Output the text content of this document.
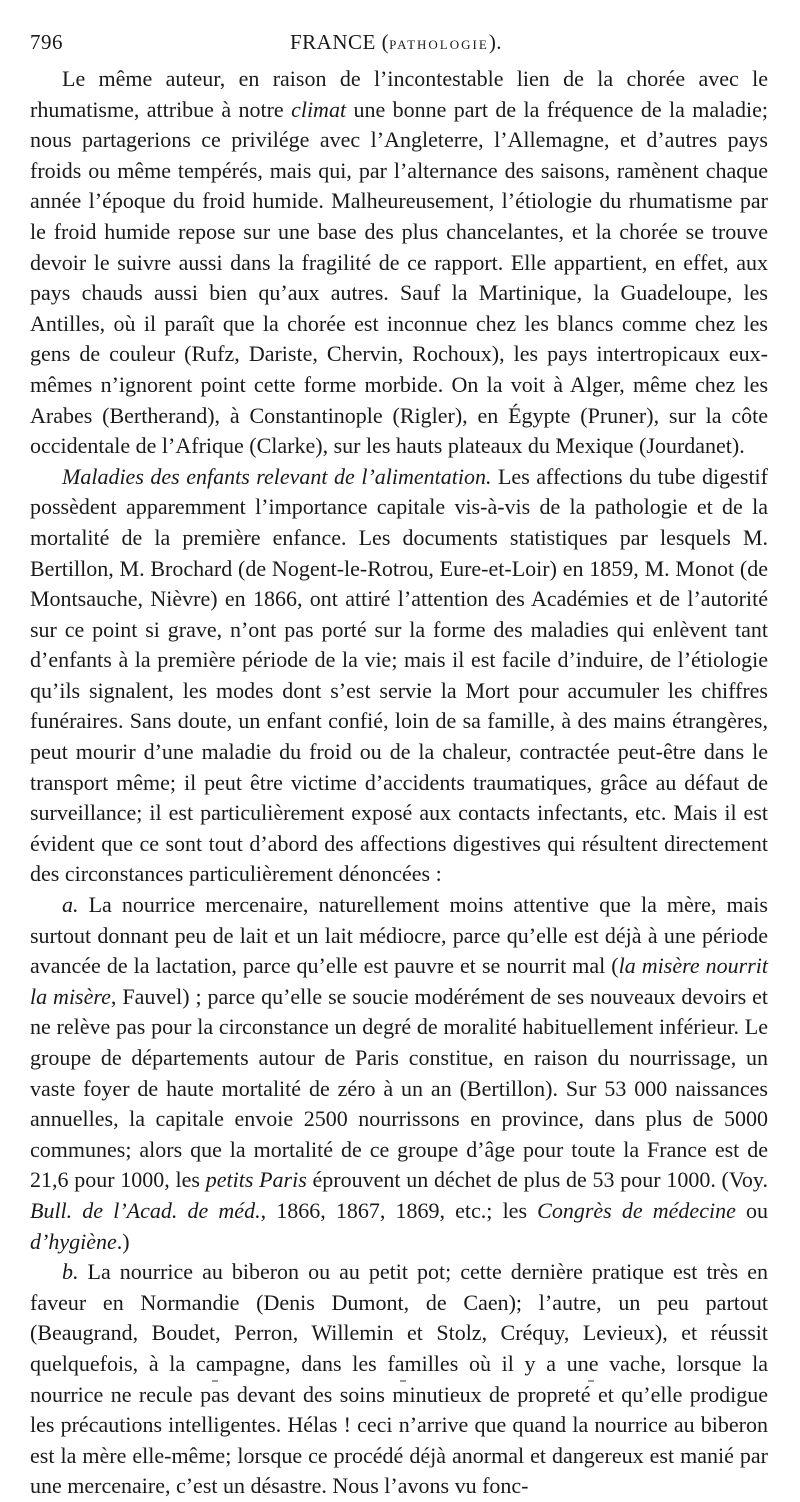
796	FRANCE (PATHOLOGIE).

Le même auteur, en raison de l’incontestable lien de la chorée avec le rhumatisme, attribue à notre climat une bonne part de la fréquence de la maladie; nous partagerions ce privilége avec l’Angleterre, l’Allemagne, et d’autres pays froids ou même tempérés, mais qui, par l’alternance des saisons, ramènent chaque année l’époque du froid humide. Malheureusement, l’étiologie du rhumatisme par le froid humide repose sur une base des plus chancelantes, et la chorée se trouve devoir le suivre aussi dans la fragilité de ce rapport. Elle appartient, en effet, aux pays chauds aussi bien qu’aux autres. Sauf la Martinique, la Guadeloupe, les Antilles, où il paraît que la chorée est inconnue chez les blancs comme chez les gens de couleur (Rufz, Dariste, Chervin, Rochoux), les pays intertropicaux eux-mêmes n’ignorent point cette forme morbide. On la voit à Alger, même chez les Arabes (Bertherand), à Constantinople (Rigler), en Égypte (Pruner), sur la côte occidentale de l’Afrique (Clarke), sur les hauts plateaux du Mexique (Jourdanet).

Maladies des enfants relevant de l’alimentation. Les affections du tube digestif possèdent apparemment l’importance capitale vis-à-vis de la pathologie et de la mortalité de la première enfance. Les documents statistiques par lesquels M. Bertillon, M. Brochard (de Nogent-le-Rotrou, Eure-et-Loir) en 1859, M. Monot (de Montsauche, Nièvre) en 1866, ont attiré l’attention des Académies et de l’autorité sur ce point si grave, n’ont pas porté sur la forme des maladies qui enlèvent tant d’enfants à la première période de la vie; mais il est facile d’induire, de l’étiologie qu’ils signalent, les modes dont s’est servie la Mort pour accumuler les chiffres funéraires. Sans doute, un enfant confié, loin de sa famille, à des mains étrangères, peut mourir d’une maladie du froid ou de la chaleur, contractée peut-être dans le transport même; il peut être victime d’accidents traumatiques, grâce au défaut de surveillance; il est particulièrement exposé aux contacts infectants, etc. Mais il est évident que ce sont tout d’abord des affections digestives qui résultent directement des circonstances particulièrement dénoncées :

a. La nourrice mercenaire, naturellement moins attentive que la mère, mais surtout donnant peu de lait et un lait médiocre, parce qu’elle est déjà à une période avancée de la lactation, parce qu’elle est pauvre et se nourrit mal (la misère nourrit la misère, Fauvel) ; parce qu’elle se soucie modérément de ses nouveaux devoirs et ne relève pas pour la circonstance un degré de moralité habituellement inférieur. Le groupe de départements autour de Paris constitue, en raison du nourrissage, un vaste foyer de haute mortalité de zéro à un an (Bertillon). Sur 53 000 naissances annuelles, la capitale envoie 2500 nourrissons en province, dans plus de 5000 communes; alors que la mortalité de ce groupe d’âge pour toute la France est de 21,6 pour 1000, les petits Paris éprouvent un déchet de plus de 53 pour 1000. (Voy. Bull. de l’Acad. de méd., 1866, 1867, 1869, etc.; les Congrès de médecine ou d’hygiène.)

b. La nourrice au biberon ou au petit pot; cette dernière pratique est très en faveur en Normandie (Denis Dumont, de Caen); l’autre, un peu partout (Beaugrand, Boudet, Perron, Willemin et Stolz, Créquy, Levieux), et réussit quelquefois, à la campagne, dans les familles où il y a une vache, lorsque la nourrice ne recule pas devant des soins minutieux de propreté et qu’elle prodigue les précautions intelligentes. Hélas ! ceci n’arrive que quand la nourrice au biberon est la mère elle-même; lorsque ce procédé déjà anormal et dangereux est manié par une mercenaire, c’est un désastre. Nous l’avons vu fonc-
